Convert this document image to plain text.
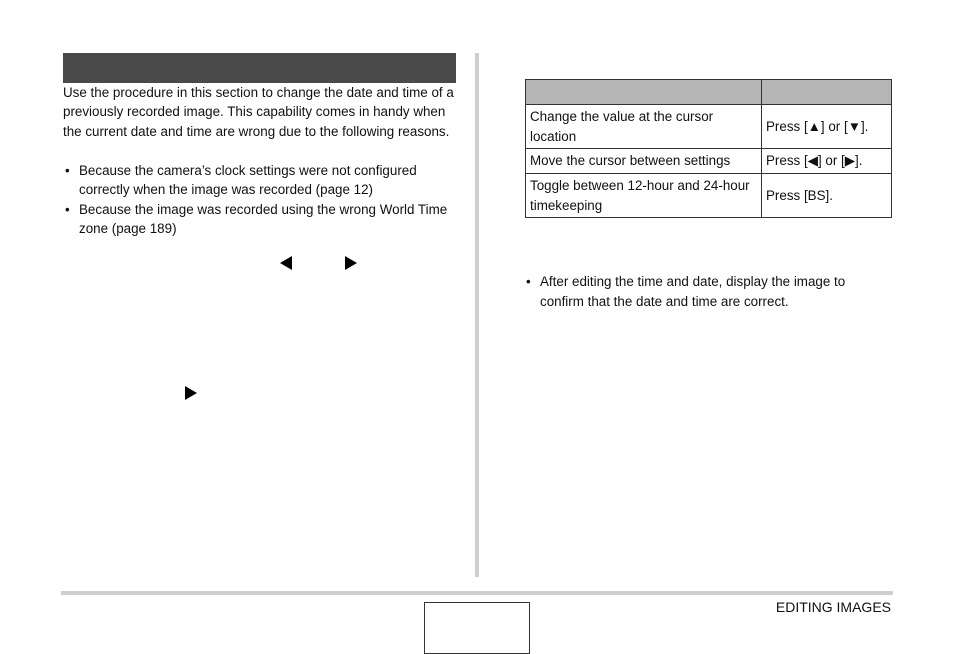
Use the procedure in this section to change the date and time of a previously recorded image. This capability comes in handy when the current date and time are wrong due to the following reasons.

• Because the camera’s clock settings were not configured correctly when the image was recorded (page 12)
• Because the image was recorded using the wrong World Time zone (page 189)

Change the value at the cursor location	Press [▲] or [▼].
Move the cursor between settings	Press [◀] or [▶].
Toggle between 12-hour and 24-hour timekeeping	Press [BS].
• After editing the time and date, display the image to confirm that the date and time are correct.
EDITING IMAGES
